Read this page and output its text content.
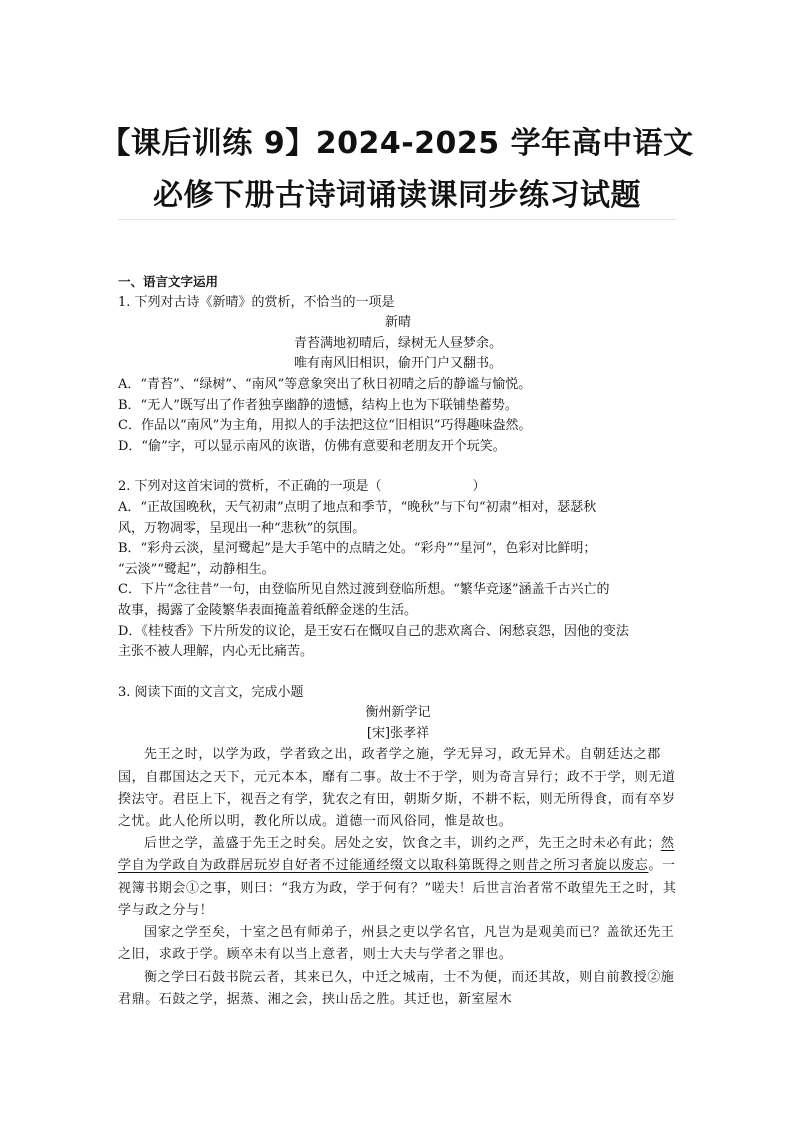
【课后训练 9】2024-2025 学年高中语文
必修下册古诗词诵读课同步练习试题
一、语言文字运用
1. 下列对古诗《新晴》的赏析，不恰当的一项是
新晴
青苔满地初晴后，绿树无人昼梦余。
唯有南风旧相识，偷开门户又翻书。
A．“青苔”、“绿树”、“南风”等意象突出了秋日初晴之后的静谧与愉悦。
B．“无人”既写出了作者独享幽静的遗憾，结构上也为下联铺垫蓄势。
C．作品以“南风”为主角，用拟人的手法把这位“旧相识”巧得趣味盎然。
D．“偷”字，可以显示南风的诙谐，仿佛有意要和老朋友开个玩笑。
2. 下列对这首宋词的赏析，不正确的一项是（　　　　　　　）
A．“正故国晚秋，天气初肃”点明了地点和季节，“晚秋”与下句“初肃”相对，瑟瑟秋
风，万物凋零，呈现出一种“悲秋”的氛围。
B．“彩舟云淡，星河鹭起”是大手笔中的点睛之处。“彩舟”“星河”，色彩对比鲜明；
“云淡”“鹭起”，动静相生。
C．下片“念往昔”一句，由登临所见自然过渡到登临所想。“繁华竞逐”涵盖千古兴亡的
故事，揭露了金陵繁华表面掩盖着纸醉金迷的生活。
D．《桂枝香》下片所发的议论，是王安石在慨叹自己的悲欢离合、闲愁哀怨，因他的变法
主张不被人理解，内心无比痛苦。
3. 阅读下面的文言文，完成小题
衡州新学记
[宋]张孝祥
先王之时，以学为政，学者致之出，政者学之施，学无异习，政无异术。自朝廷达之郡国，自郡国达之天下，元元本本，靡有二事。故士不于学，则为奇言异行；政不于学，则无道揆法守。君臣上下，视吾之有学，犹农之有田，朝斯夕斯，不耕不耘，则无所得食，而有卒岁之忧。此人伦所以明，教化所以成。道德一而风俗同，惟是故也。
后世之学，盖盛于先王之时矣。居处之安，饮食之丰，训约之严，先王之时未必有此；然学自为学政自为政群居玩岁自好者不过能通经缀文以取科第既得之则昔之所习者旋以废忘。一视簿书期会①之事，则曰：“我方为政，学于何有？”嗟夫！后世言治者常不敢望先王之时，其学与政之分与！
国家之学至矣，十室之邑有师弟子，州县之吏以学名官，凡岂为是观美而已？盖欲还先王之旧，求政于学。顾卒未有以当上意者，则士大夫与学者之罪也。
衡之学曰石鼓书院云者，其来已久，中迁之城南，士不为便，而还其故，则自前教授②施君鼎。石鼓之学，据蒸、湘之会，挟山岳之胜。其迁也，新室屋木
